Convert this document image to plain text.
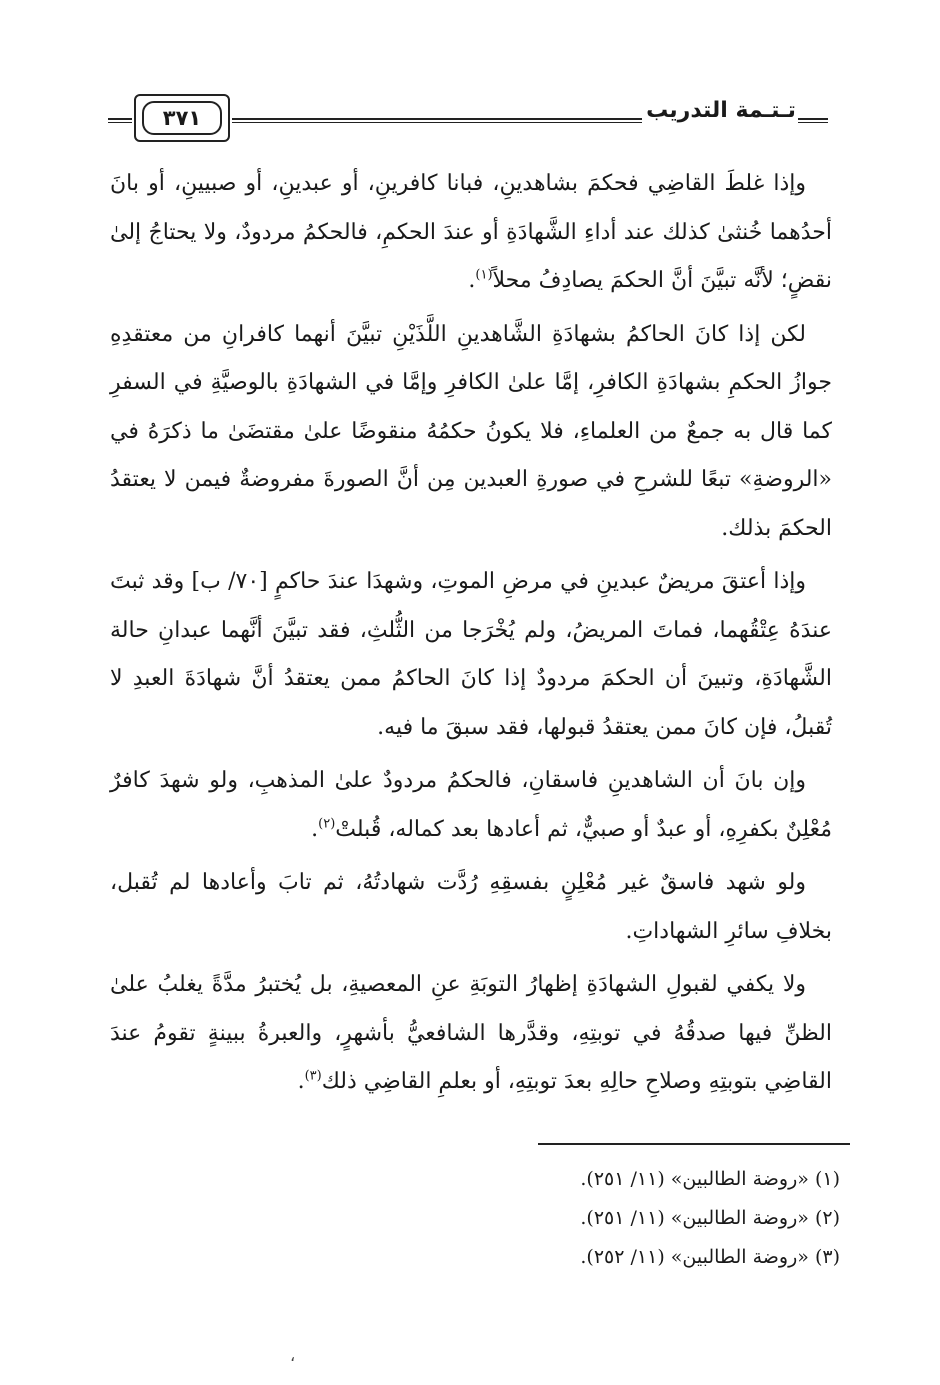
٣٧١	تـتـمة التدريب

وإذا غلطَ القاضِي فحكمَ بشاهدينِ، فبانا كافرينِ، أو عبدينِ، أو صبيينِ، أو بانَ أحدُهما خُنثىٰ كذلك عند أداءِ الشَّهادَةِ أو عندَ الحكمِ، فالحكمُ مردودٌ، ولا يحتاجُ إلىٰ نقضٍ؛ لأنَّه تبيَّنَ أنَّ الحكمَ يصادِفُ محلاً$^{(١)}$.

لكن إذا كانَ الحاكمُ بشهادَةِ الشَّاهدينِ اللَّذَيْنِ تبيَّنَ أنهما كافرانِ من معتقدِهِ جوازُ الحكمِ بشهادَةِ الكافرِ، إمَّا علىٰ الكافرِ وإمَّا في الشهادَةِ بالوصيَّةِ في السفرِ كما قال به جمعٌ من العلماءِ، فلا يكونُ حكمُهُ منقوضًا علىٰ مقتضَىٰ ما ذكرَهُ في «الروضةِ» تبعًا للشرحِ في صورةِ العبدين مِن أنَّ الصورةَ مفروضةٌ فيمن لا يعتقدُ الحكمَ بذلك.

وإذا أعتقَ مريضٌ عبدينِ في مرضِ الموتِ، وشهدَا عندَ حاكمٍ [٧٠/ ب] وقد ثبتَ عندَهُ عِتْقُهما، فماتَ المريضُ، ولم يُخْرَجا من الثُّلثِ، فقد تبيَّنَ أنَّهما عبدانِ حالة الشَّهادَةِ، وتبينَ أن الحكمَ مردودٌ إذا كانَ الحاكمُ ممن يعتقدُ أنَّ شهادَةَ العبدِ لا تُقبلُ، فإن كانَ ممن يعتقدُ قبولها، فقد سبقَ ما فيه.

وإن بانَ أن الشاهدينِ فاسقانِ، فالحكمُ مردودٌ علىٰ المذهبِ، ولو شهدَ كافرٌ مُعْلِنٌ بكفرِهِ، أو عبدٌ أو صبيٌّ، ثم أعادها بعد كماله، قُبلتْ$^{(٢)}$.

ولو شهد فاسقٌ غير مُعْلِنٍ بفسقِهِ رُدَّت شهادتُهُ، ثم تابَ وأعادها لم تُقبل، بخلافِ سائرِ الشهاداتِ.

ولا يكفي لقبولِ الشهادَةِ إظهارُ التوبَةِ عنِ المعصيةِ، بل يُختبرُ مدَّةً يغلبُ علىٰ الظنِّ فيها صدقُهُ في توبتِهِ، وقدَّرها الشافعيُّ بأشهرٍ، والعبرةُ ببينةٍ تقومُ عندَ القاضِي بتوبتِهِ وصلاحِ حالِهِ بعدَ توبتِهِ، أو بعلمِ القاضِي ذلك$^{(٣)}$.

(١) «روضة الطالبين» (١١/ ٢٥١).

(٢) «روضة الطالبين» (١١/ ٢٥١).

(٣) «روضة الطالبين» (١١/ ٢٥٢).

،
